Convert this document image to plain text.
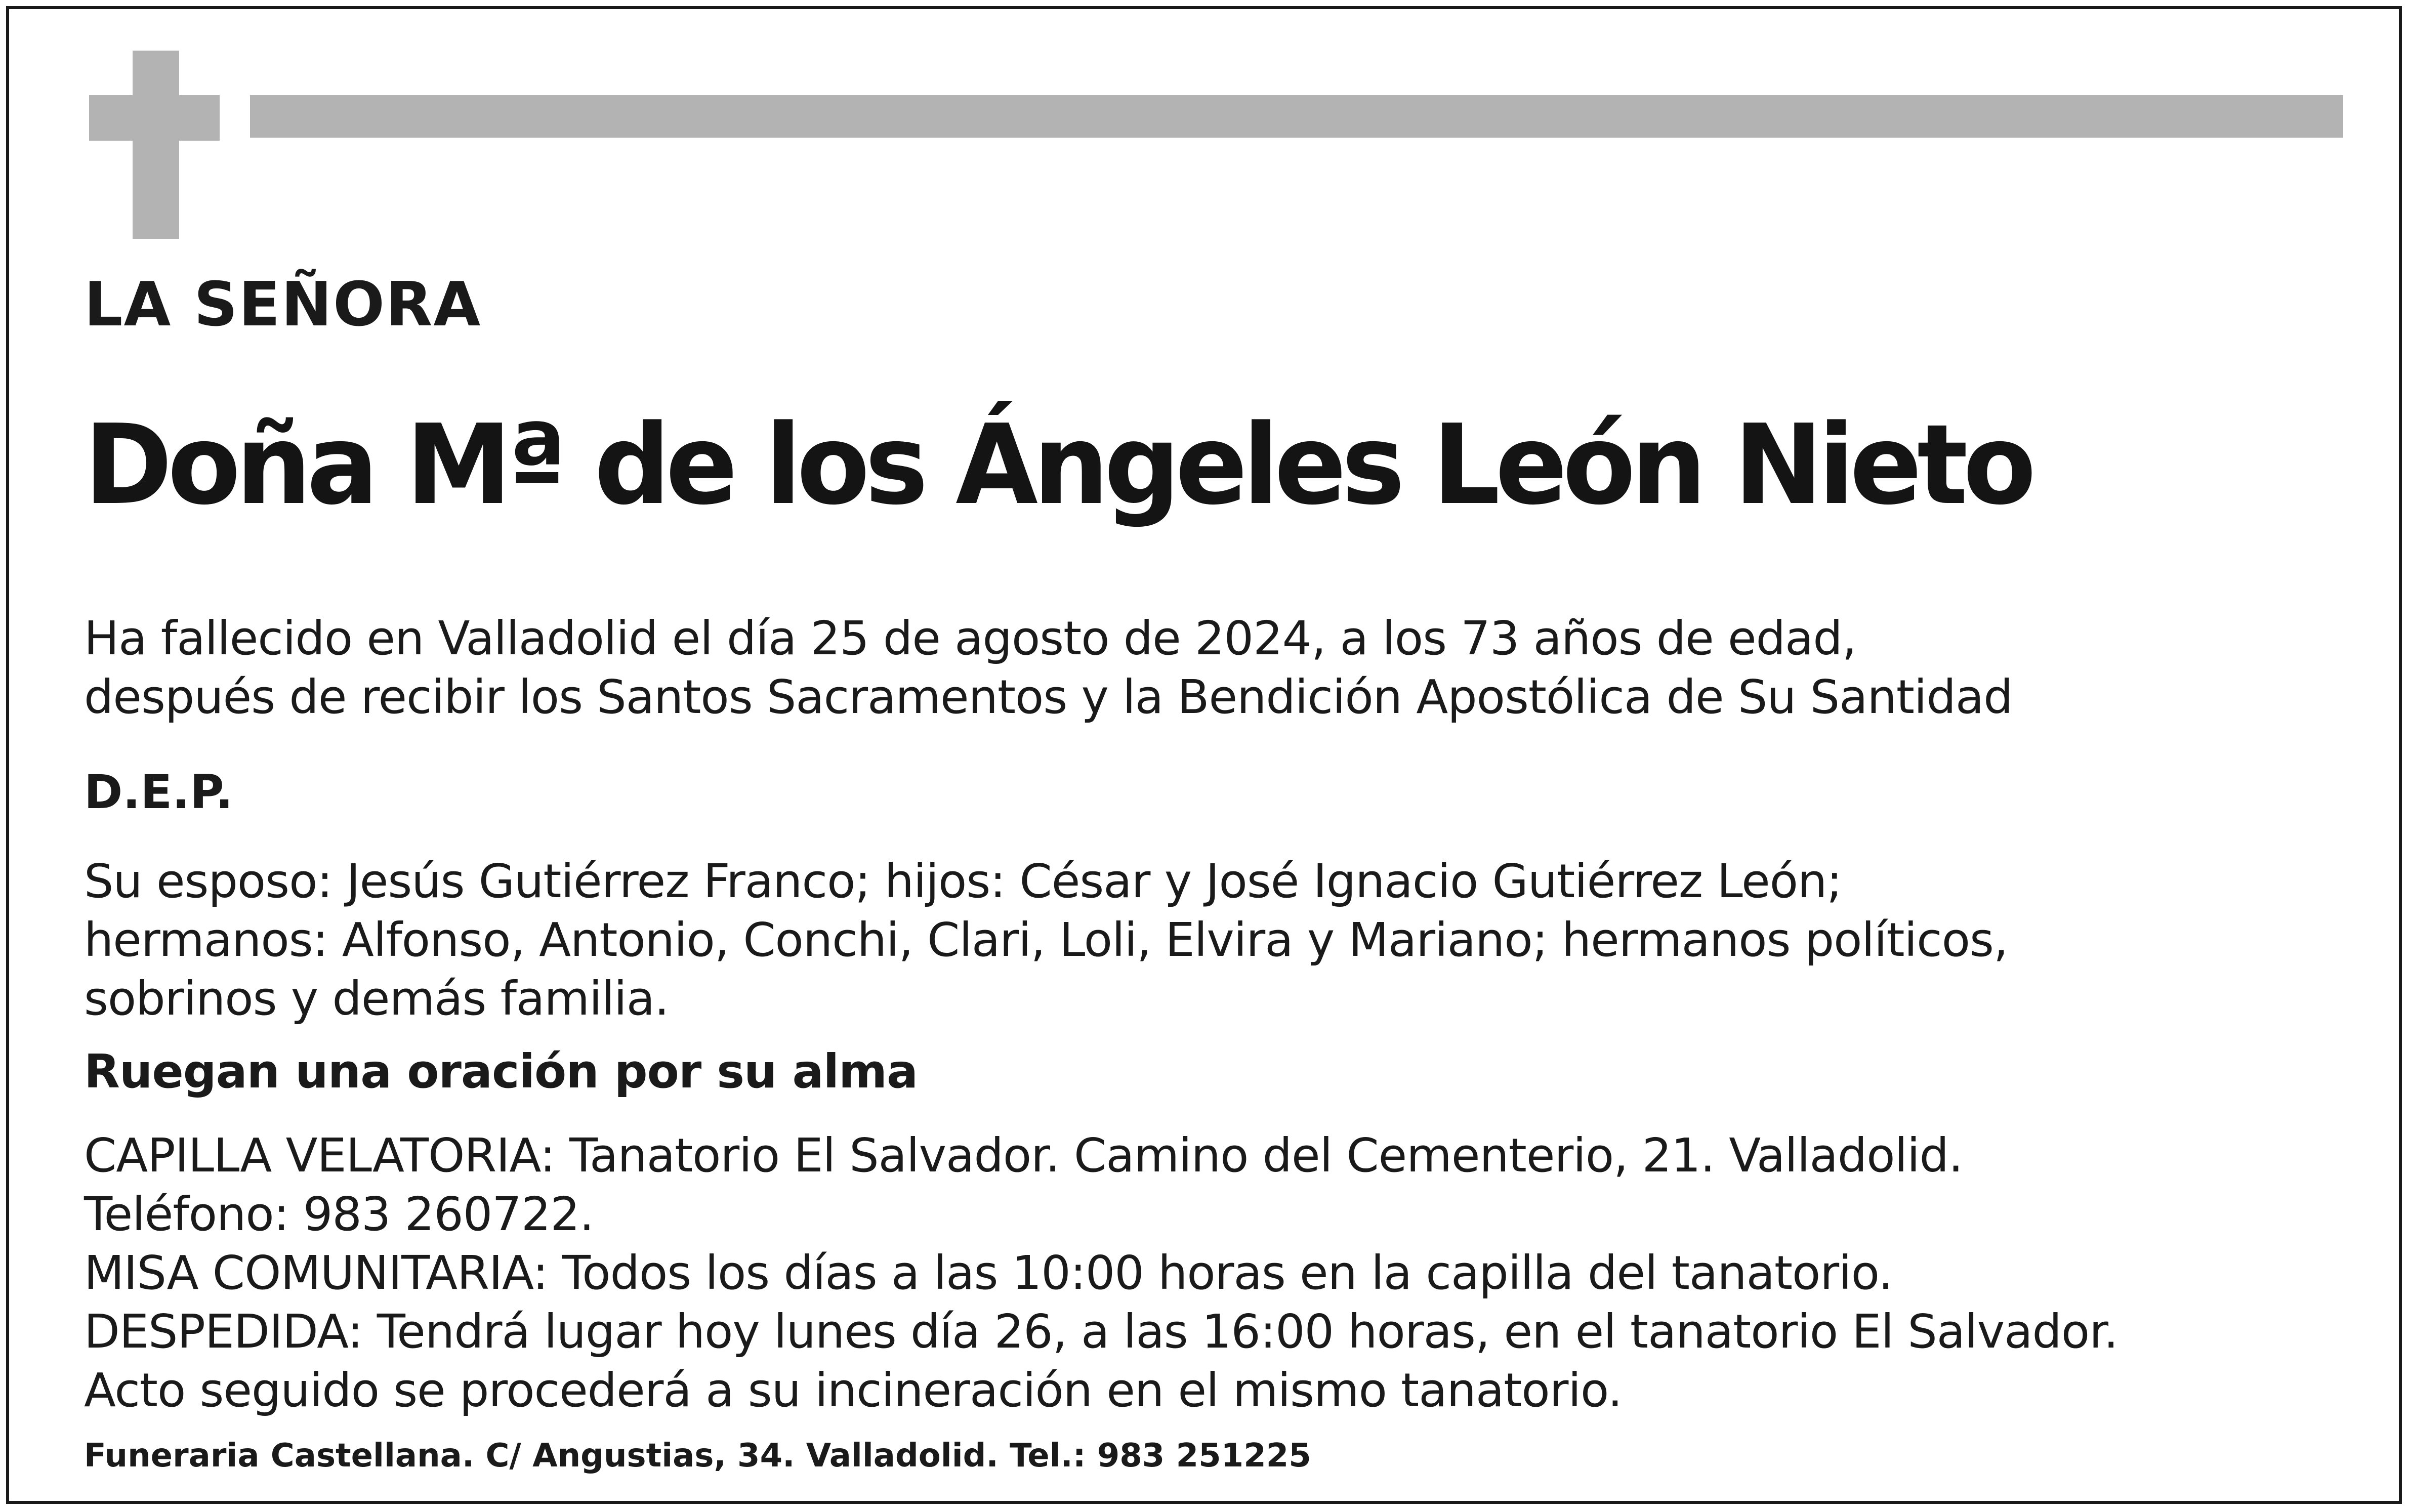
LA SEÑORA

Doña Mª de los Ángeles León Nieto

Ha fallecido en Valladolid el día 25 de agosto de 2024, a los 73 años de edad,
después de recibir los Santos Sacramentos y la Bendición Apostólica de Su Santidad

D.E.P.

Su esposo: Jesús Gutiérrez Franco; hijos: César y José Ignacio Gutiérrez León;
hermanos: Alfonso, Antonio, Conchi, Clari, Loli, Elvira y Mariano; hermanos políticos,
sobrinos y demás familia.

Ruegan una oración por su alma

CAPILLA VELATORIA: Tanatorio El Salvador. Camino del Cementerio, 21. Valladolid.
Teléfono: 983 260722.
MISA COMUNITARIA: Todos los días a las 10:00 horas en la capilla del tanatorio.
DESPEDIDA: Tendrá lugar hoy lunes día 26, a las 16:00 horas, en el tanatorio El Salvador.
Acto seguido se procederá a su incineración en el mismo tanatorio.

Funeraria Castellana. C/ Angustias, 34. Valladolid. Tel.: 983 251225
